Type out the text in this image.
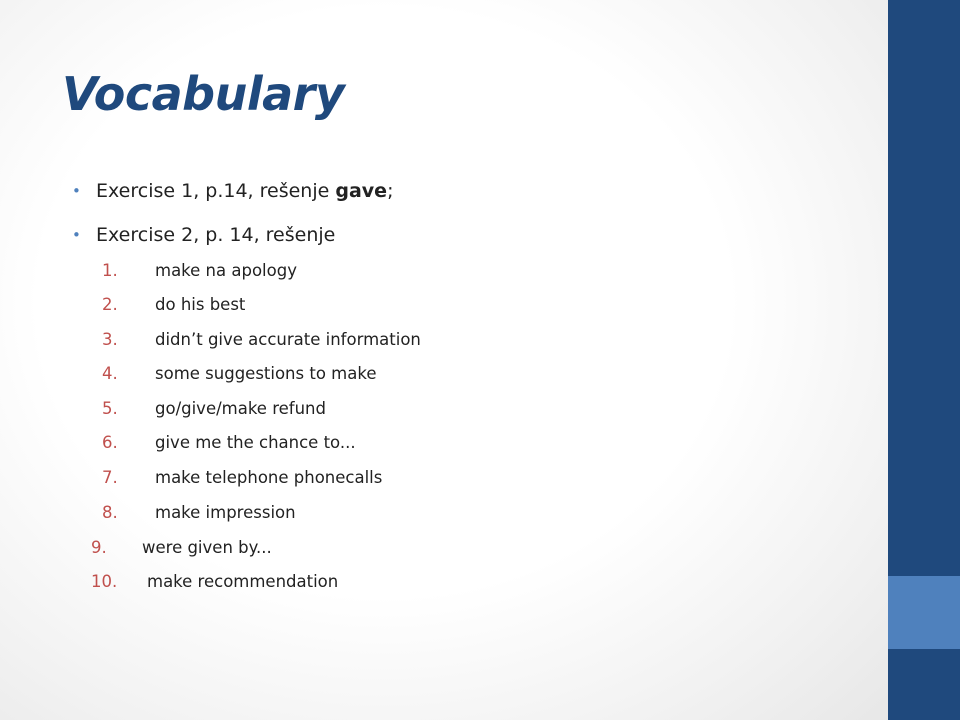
Vocabulary
• Exercise 1, p.14, rešenje gave;
• Exercise 2, p. 14, rešenje
1. make na apology
2. do his best
3. didn’t give accurate information
4. some suggestions to make
5. go/give/make refund
6. give me the chance to...
7. make telephone phonecalls
8. make impression
9. were given by...
10. make recommendation
